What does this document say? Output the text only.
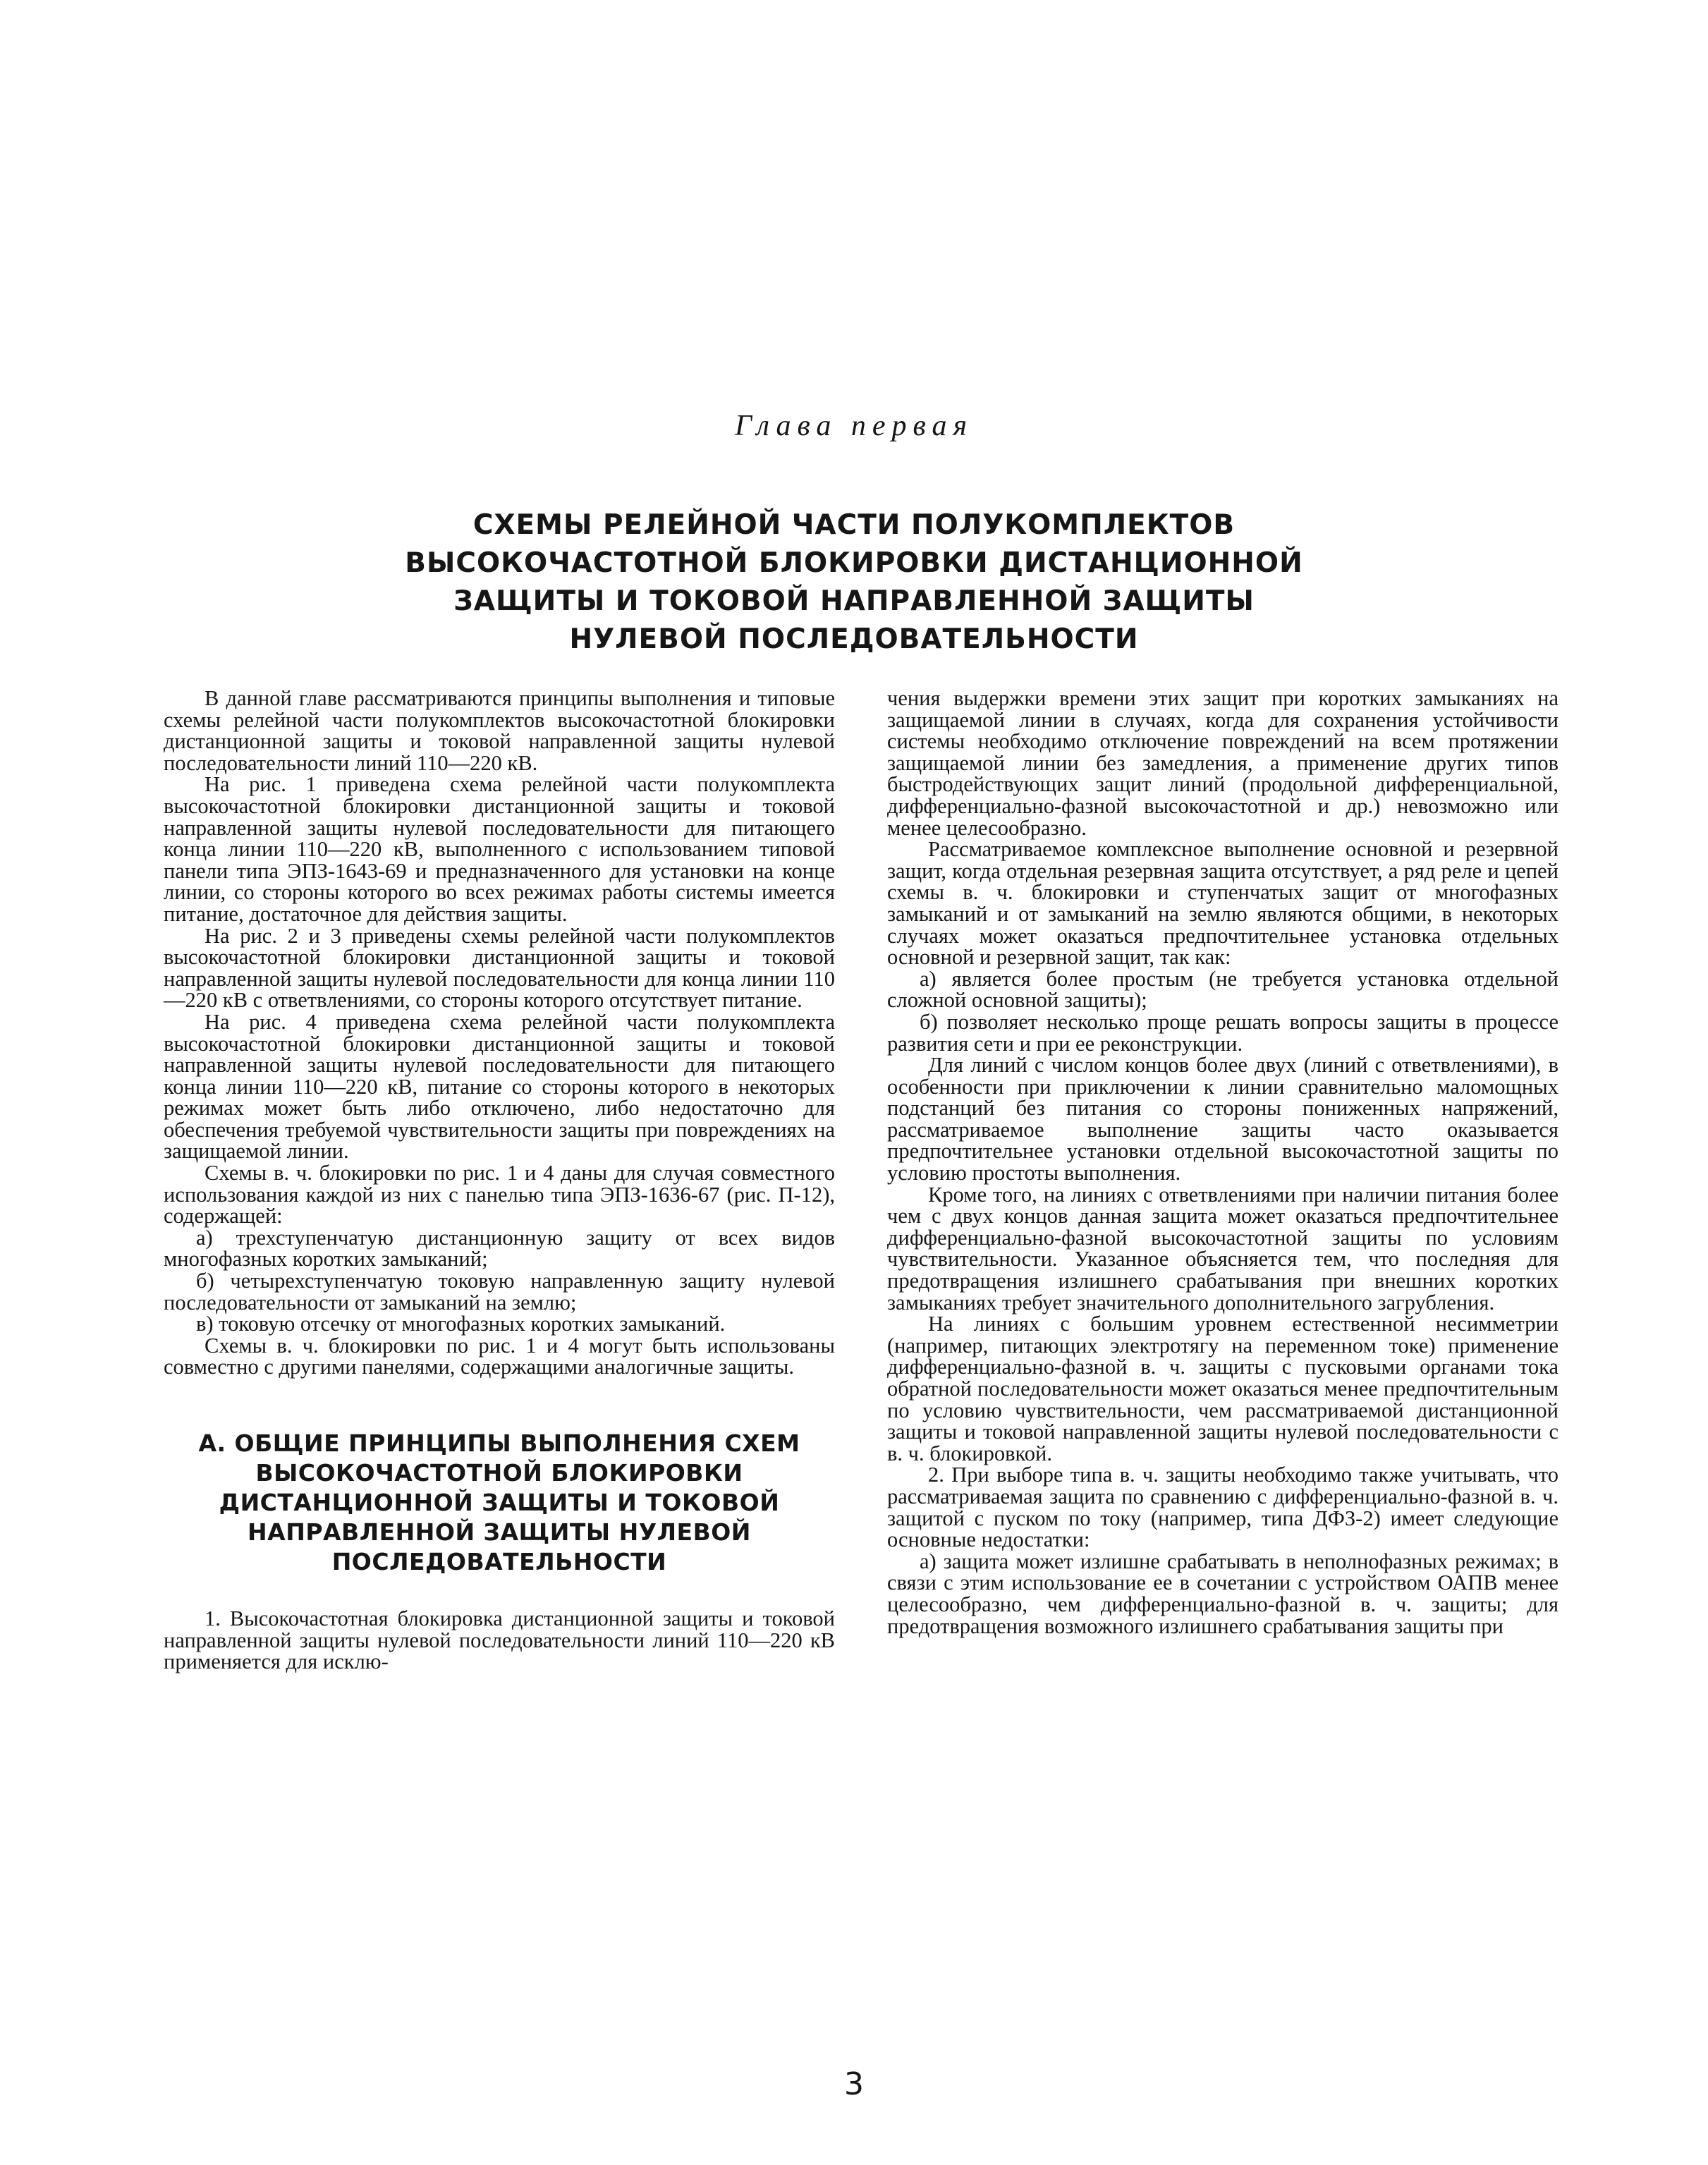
Глава первая
СХЕМЫ РЕЛЕЙНОЙ ЧАСТИ ПОЛУКОМПЛЕКТОВ
ВЫСОКОЧАСТОТНОЙ БЛОКИРОВКИ ДИСТАНЦИОННОЙ
ЗАЩИТЫ И ТОКОВОЙ НАПРАВЛЕННОЙ ЗАЩИТЫ
НУЛЕВОЙ ПОСЛЕДОВАТЕЛЬНОСТИ

В данной главе рассматриваются принципы выполнения и типовые схемы релейной части полукомплектов высокочастотной блокировки дистанционной защиты и токовой направленной защиты нулевой последовательности линий 110—220 кВ.

На рис. 1 приведена схема релейной части полукомплекта высокочастотной блокировки дистанционной защиты и токовой направленной защиты нулевой последовательности для питающего конца линии 110—220 кВ, выполненного с использованием типовой панели типа ЭПЗ-1643-69 и предназначенного для установки на конце линии, со стороны которого во всех режимах работы системы имеется питание, достаточное для действия защиты.

На рис. 2 и 3 приведены схемы релейной части полукомплектов высокочастотной блокировки дистанционной защиты и токовой направленной защиты нулевой последовательности для конца линии 110—220 кВ с ответвлениями, со стороны которого отсутствует питание.

На рис. 4 приведена схема релейной части полукомплекта высокочастотной блокировки дистанционной защиты и токовой направленной защиты нулевой последовательности для питающего конца линии 110—220 кВ, питание со стороны которого в некоторых режимах может быть либо отключено, либо недостаточно для обеспечения требуемой чувствительности защиты при повреждениях на защищаемой линии.

Схемы в. ч. блокировки по рис. 1 и 4 даны для случая совместного использования каждой из них с панелью типа ЭПЗ-1636-67 (рис. П-12), содержащей:

а) трехступенчатую дистанционную защиту от всех видов многофазных коротких замыканий;

б) четырехступенчатую токовую направленную защиту нулевой последовательности от замыканий на землю;

в) токовую отсечку от многофазных коротких замыканий.

Схемы в. ч. блокировки по рис. 1 и 4 могут быть использованы совместно с другими панелями, содержащими аналогичные защиты.

А. ОБЩИЕ ПРИНЦИПЫ ВЫПОЛНЕНИЯ СХЕМ
ВЫСОКОЧАСТОТНОЙ БЛОКИРОВКИ
ДИСТАНЦИОННОЙ ЗАЩИТЫ И ТОКОВОЙ
НАПРАВЛЕННОЙ ЗАЩИТЫ НУЛЕВОЙ
ПОСЛЕДОВАТЕЛЬНОСТИ

1. Высокочастотная блокировка дистанционной защиты и токовой направленной защиты нулевой последовательности линий 110—220 кВ применяется для исклю-

чения выдержки времени этих защит при коротких замыканиях на защищаемой линии в случаях, когда для сохранения устойчивости системы необходимо отключение повреждений на всем протяжении защищаемой линии без замедления, а применение других типов быстродействующих защит линий (продольной дифференциальной, дифференциально-фазной высокочастотной и др.) невозможно или менее целесообразно.

Рассматриваемое комплексное выполнение основной и резервной защит, когда отдельная резервная защита отсутствует, а ряд реле и цепей схемы в. ч. блокировки и ступенчатых защит от многофазных замыканий и от замыканий на землю являются общими, в некоторых случаях может оказаться предпочтительнее установка отдельных основной и резервной защит, так как:

а) является более простым (не требуется установка отдельной сложной основной защиты);

б) позволяет несколько проще решать вопросы защиты в процессе развития сети и при ее реконструкции.

Для линий с числом концов более двух (линий с ответвлениями), в особенности при приключении к линии сравнительно маломощных подстанций без питания со стороны пониженных напряжений, рассматриваемое выполнение защиты часто оказывается предпочтительнее установки отдельной высокочастотной защиты по условию простоты выполнения.

Кроме того, на линиях с ответвлениями при наличии питания более чем с двух концов данная защита может оказаться предпочтительнее дифференциально-фазной высокочастотной защиты по условиям чувствительности. Указанное объясняется тем, что последняя для предотвращения излишнего срабатывания при внешних коротких замыканиях требует значительного дополнительного загрубления.

На линиях с большим уровнем естественной несимметрии (например, питающих электротягу на переменном токе) применение дифференциально-фазной в. ч. защиты с пусковыми органами тока обратной последовательности может оказаться менее предпочтительным по условию чувствительности, чем рассматриваемой дистанционной защиты и токовой направленной защиты нулевой последовательности с в. ч. блокировкой.

2. При выборе типа в. ч. защиты необходимо также учитывать, что рассматриваемая защита по сравнению с дифференциально-фазной в. ч. защитой с пуском по току (например, типа ДФЗ-2) имеет следующие основные недостатки:

а) защита может излишне срабатывать в неполнофазных режимах; в связи с этим использование ее в сочетании с устройством ОАПВ менее целесообразно, чем дифференциально-фазной в. ч. защиты; для предотвращения возможного излишнего срабатывания защиты при

3
